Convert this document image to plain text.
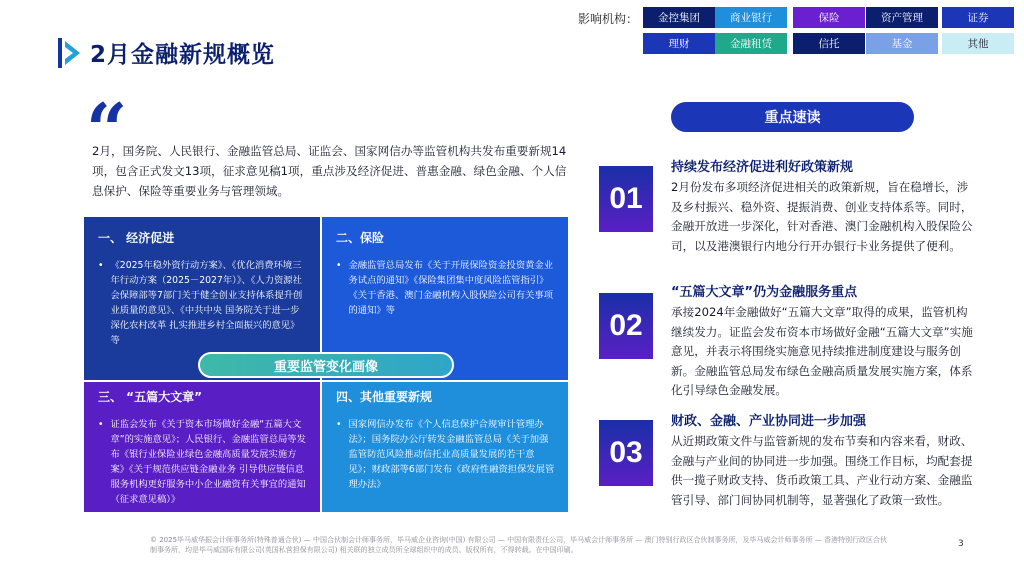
2月金融新规概览
影响机构：	金控集团	商业银行	保险	资产管理	证券
理财	金融租赁	信托	基金	其他
“
2月，国务院、人民银行、金融监管总局、证监会、国家网信办等监管机构共发布重要新规14项，包含正式发文13项，征求意见稿1项，重点涉及经济促进、普惠金融、绿色金融、个人信息保护、保险等重要业务与管理领域。
一、 经济促进
• 《2025年稳外资行动方案》、《优化消费环境三年行动方案（2025－2027年）》、《人力资源社会保障部等7部门关于健全创业支持体系提升创业质量的意见》、《中共中央 国务院关于进一步深化农村改革 扎实推进乡村全面振兴的意见》等
二、保险
• 金融监管总局发布《关于开展保险资金投资黄金业务试点的通知》《保险集团集中度风险监管指引》《关于香港、澳门金融机构入股保险公司有关事项的通知》等
三、 “五篇大文章”
• 证监会发布《关于资本市场做好金融“五篇大文章”的实施意见》；人民银行、金融监管总局等发布《银行业保险业绿色金融高质量发展实施方案》《关于规范供应链金融业务 引导供应链信息服务机构更好服务中小企业融资有关事宜的通知（征求意见稿）》
四、其他重要新规
• 国家网信办发布《个人信息保护合规审计管理办法》；国务院办公厅转发金融监管总局《关于加强监管防范风险推动信托业高质量发展的若干意见》；财政部等6部门发布《政府性融资担保发展管理办法》
重要监管变化画像
重点速读
01
持续发布经济促进利好政策新规
2月份发布多项经济促进相关的政策新规，旨在稳增长，涉及乡村振兴、稳外资、提振消费、创业支持体系等。同时，金融开放进一步深化，针对香港、澳门金融机构入股保险公司，以及港澳银行内地分行开办银行卡业务提供了便利。
02
“五篇大文章”仍为金融服务重点
承接2024年金融做好“五篇大文章”取得的成果，监管机构继续发力。证监会发布资本市场做好金融“五篇大文章”实施意见，并表示将围绕实施意见持续推进制度建设与服务创新。金融监管总局发布绿色金融高质量发展实施方案，体系化引导绿色金融发展。
03
财政、金融、产业协同进一步加强
从近期政策文件与监管新规的发布节奏和内容来看，财政、金融与产业间的协同进一步加强。围绕工作目标，均配套提供一揽子财政支持、货币政策工具、产业行动方案、金融监管引导、部门间协同机制等，显著强化了政策一致性。
© 2025毕马威华振会计师事务所(特殊普通合伙) — 中国合伙制会计师事务所，毕马威企业咨询(中国) 有限公司 — 中国有限责任公司，毕马威会计师事务所 — 澳门特别行政区合伙制事务所，及毕马威会计师事务所 — 香港特别行政区合伙制事务所，均是毕马威国际有限公司(英国私营担保有限公司) 相关联的独立成员所全球组织中的成员。版权所有，不得转载。在中国印刷。
3
